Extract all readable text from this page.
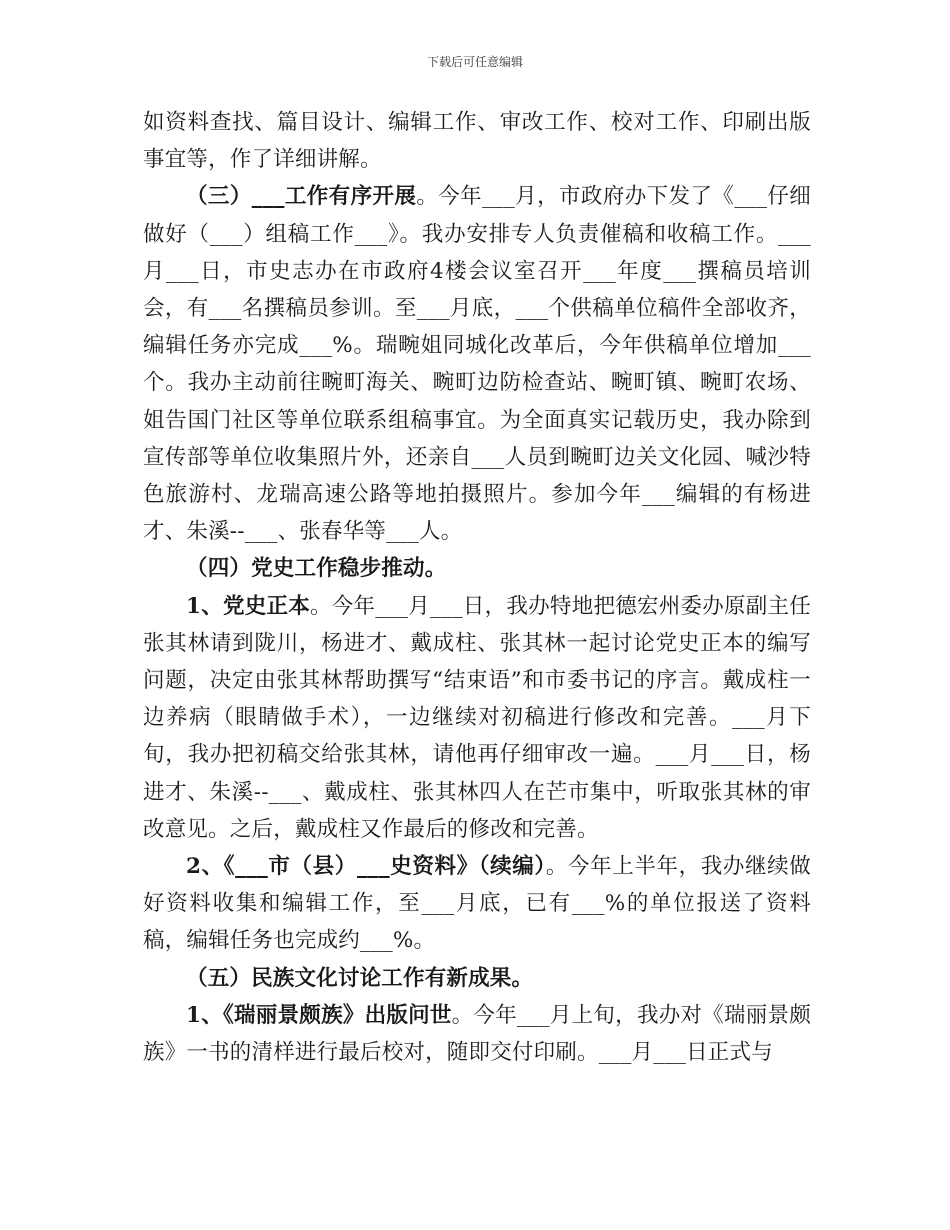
下载后可任意编辑

如资料查找、篇目设计、编辑工作、审改工作、校对工作、印刷出版事宜等，作了详细讲解。

（三）___工作有序开展。今年___月，市政府办下发了《___仔细做好（___）组稿工作___》。我办安排专人负责催稿和收稿工作。___月___日，市史志办在市政府4楼会议室召开___年度___撰稿员培训会，有___名撰稿员参训。至___月底，___个供稿单位稿件全部收齐，编辑任务亦完成___%。瑞畹姐同城化改革后，今年供稿单位增加___个。我办主动前往畹町海关、畹町边防检查站、畹町镇、畹町农场、姐告国门社区等单位联系组稿事宜。为全面真实记载历史，我办除到宣传部等单位收集照片外，还亲自___人员到畹町边关文化园、喊沙特色旅游村、龙瑞高速公路等地拍摄照片。参加今年___编辑的有杨进才、朱溪--___、张春华等___人。

（四）党史工作稳步推动。

1、党史正本。今年___月___日，我办特地把德宏州委办原副主任张其林请到陇川，杨进才、戴成柱、张其林一起讨论党史正本的编写问题，决定由张其林帮助撰写“结束语”和市委书记的序言。戴成柱一边养病（眼睛做手术），一边继续对初稿进行修改和完善。___月下旬，我办把初稿交给张其林，请他再仔细审改一遍。___月___日，杨进才、朱溪--___、戴成柱、张其林四人在芒市集中，听取张其林的审改意见。之后，戴成柱又作最后的修改和完善。

2、《___市（县）___史资料》（续编）。今年上半年，我办继续做好资料收集和编辑工作，至___月底，已有___%的单位报送了资料稿，编辑任务也完成约___%。

（五）民族文化讨论工作有新成果。

1、《瑞丽景颇族》出版问世。今年___月上旬，我办对《瑞丽景颇族》一书的清样进行最后校对，随即交付印刷。___月___日正式与
